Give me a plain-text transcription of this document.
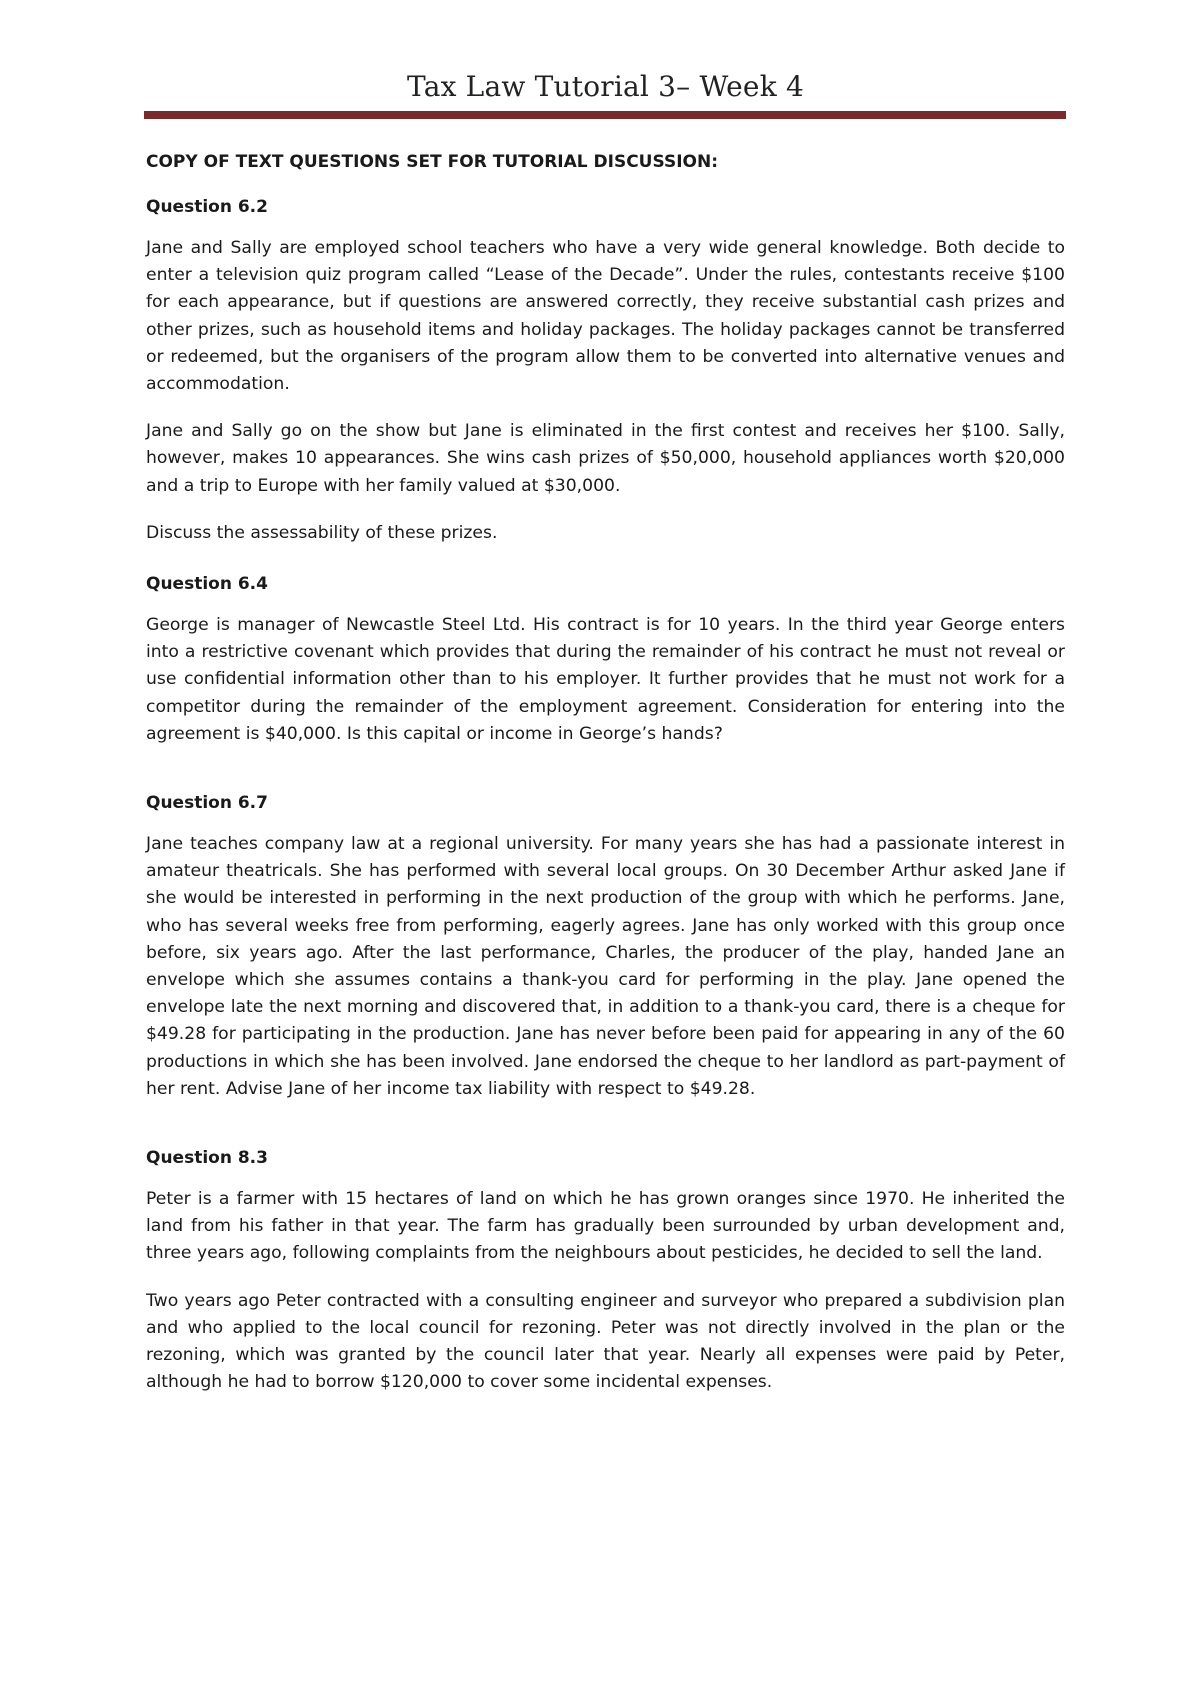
Tax Law Tutorial 3– Week 4

COPY OF TEXT QUESTIONS SET FOR TUTORIAL DISCUSSION:

Question 6.2

Jane and Sally are employed school teachers who have a very wide general knowledge. Both decide to enter a television quiz program called “Lease of the Decade”. Under the rules, contestants receive $100 for each appearance, but if questions are answered correctly, they receive substantial cash prizes and other prizes, such as household items and holiday packages. The holiday packages cannot be transferred or redeemed, but the organisers of the program allow them to be converted into alternative venues and accommodation.

Jane and Sally go on the show but Jane is eliminated in the first contest and receives her $100. Sally, however, makes 10 appearances. She wins cash prizes of $50,000, household appliances worth $20,000 and a trip to Europe with her family valued at $30,000.

Discuss the assessability of these prizes.

Question 6.4

George is manager of Newcastle Steel Ltd. His contract is for 10 years. In the third year George enters into a restrictive covenant which provides that during the remainder of his contract he must not reveal or use confidential information other than to his employer. It further provides that he must not work for a competitor during the remainder of the employment agreement. Consideration for entering into the agreement is $40,000. Is this capital or income in George’s hands?

Question 6.7

Jane teaches company law at a regional university. For many years she has had a passionate interest in amateur theatricals. She has performed with several local groups. On 30 December Arthur asked Jane if she would be interested in performing in the next production of the group with which he performs. Jane, who has several weeks free from performing, eagerly agrees. Jane has only worked with this group once before, six years ago. After the last performance, Charles, the producer of the play, handed Jane an envelope which she assumes contains a thank-you card for performing in the play. Jane opened the envelope late the next morning and discovered that, in addition to a thank-you card, there is a cheque for $49.28 for participating in the production. Jane has never before been paid for appearing in any of the 60 productions in which she has been involved. Jane endorsed the cheque to her landlord as part-payment of her rent. Advise Jane of her income tax liability with respect to $49.28.

Question 8.3

Peter is a farmer with 15 hectares of land on which he has grown oranges since 1970. He inherited the land from his father in that year. The farm has gradually been surrounded by urban development and, three years ago, following complaints from the neighbours about pesticides, he decided to sell the land.

Two years ago Peter contracted with a consulting engineer and surveyor who prepared a subdivision plan and who applied to the local council for rezoning. Peter was not directly involved in the plan or the rezoning, which was granted by the council later that year. Nearly all expenses were paid by Peter, although he had to borrow $120,000 to cover some incidental expenses.
